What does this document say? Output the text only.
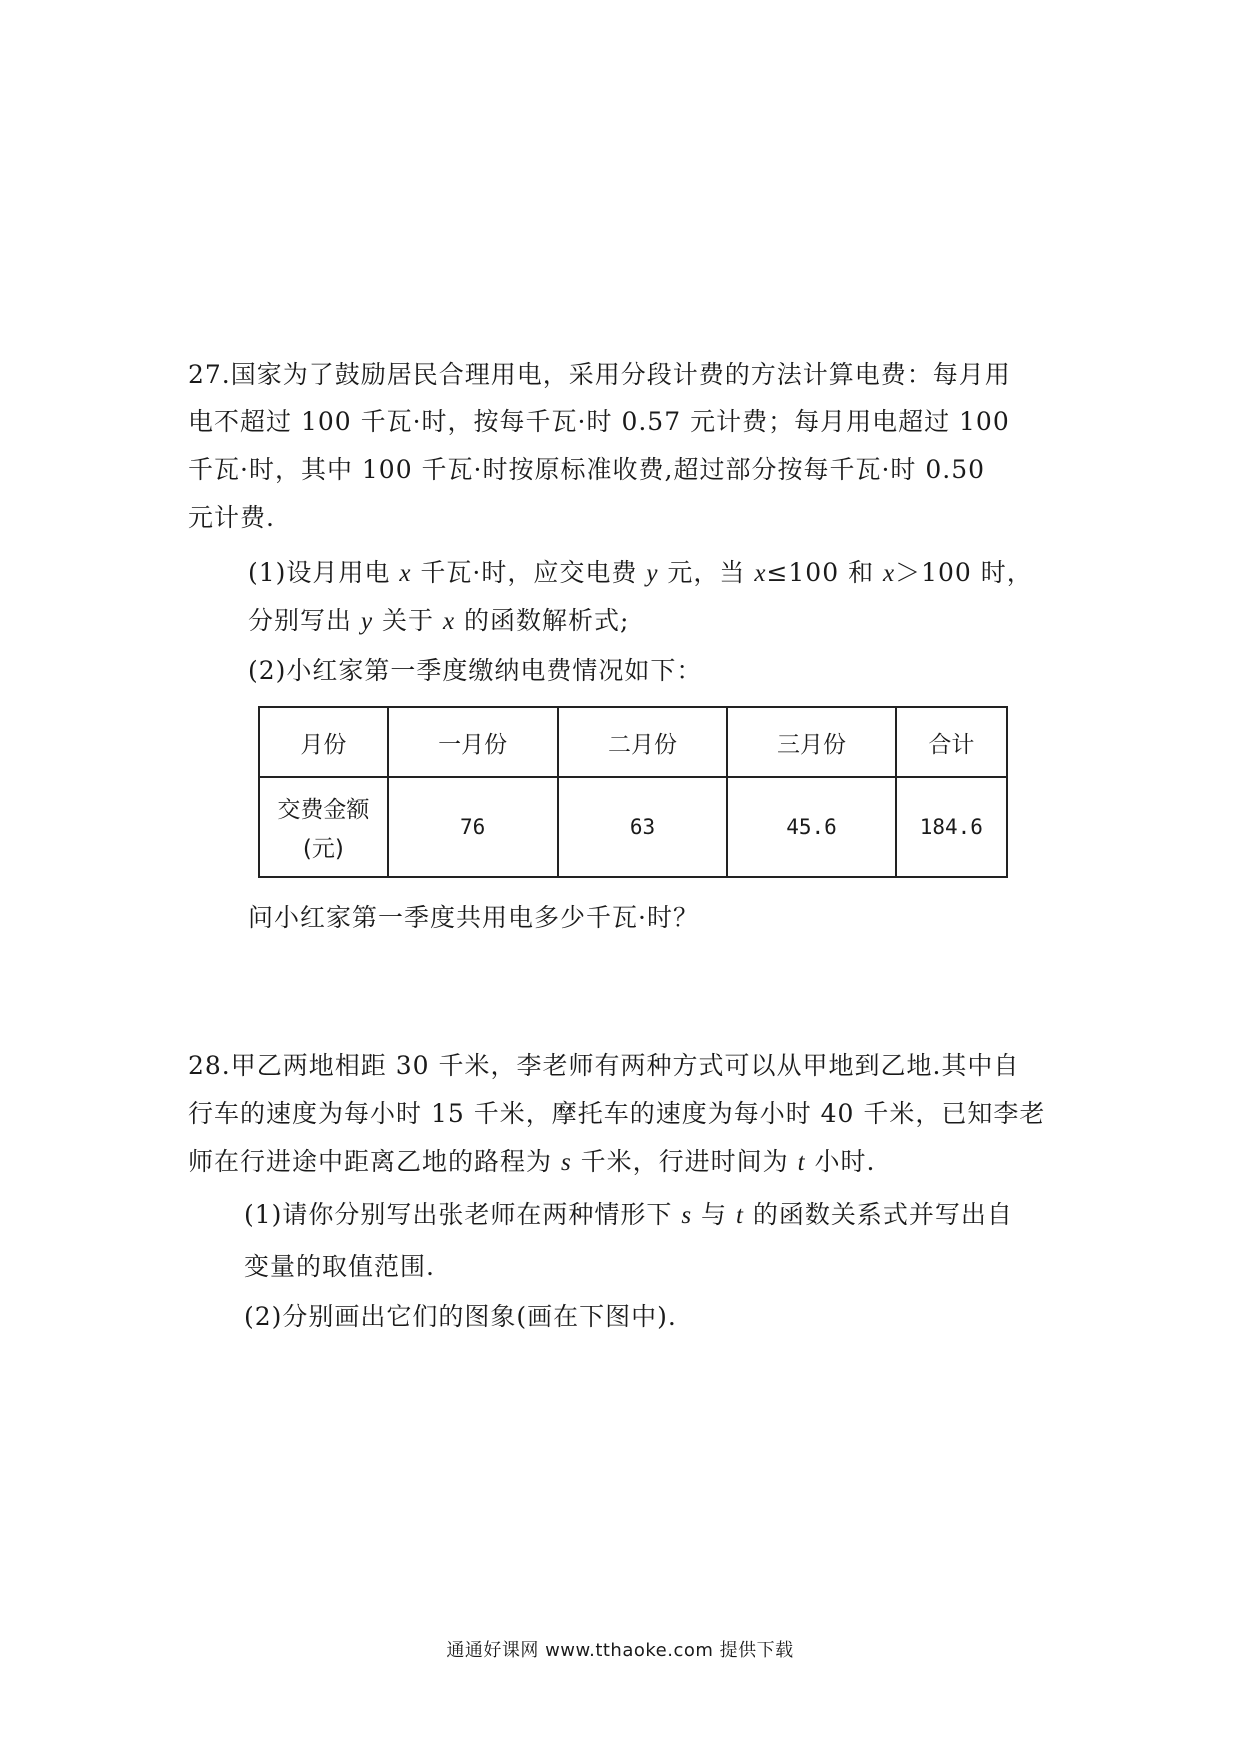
27.国家为了鼓励居民合理用电，采用分段计费的方法计算电费：每月用
电不超过 100 千瓦·时，按每千瓦·时 0.57 元计费；每月用电超过 100
千瓦·时，其中 100 千瓦·时按原标准收费,超过部分按每千瓦·时 0.50
元计费.
(1)设月用电 x 千瓦·时，应交电费 y 元，当 x≤100 和 x＞100 时，
分别写出 y 关于 x 的函数解析式;
(2)小红家第一季度缴纳电费情况如下：
月份	一月份	二月份	三月份	合计

交费金额
(元)	76	63	45.6	184.6
问小红家第一季度共用电多少千瓦·时？
28.甲乙两地相距 30 千米，李老师有两种方式可以从甲地到乙地.其中自
行车的速度为每小时 15 千米，摩托车的速度为每小时 40 千米，已知李老
师在行进途中距离乙地的路程为 s 千米，行进时间为 t 小时.
(1)请你分别写出张老师在两种情形下 s 与 t 的函数关系式并写出自
变量的取值范围.
(2)分别画出它们的图象(画在下图中).
通通好课网 www.tthaoke.com 提供下载
